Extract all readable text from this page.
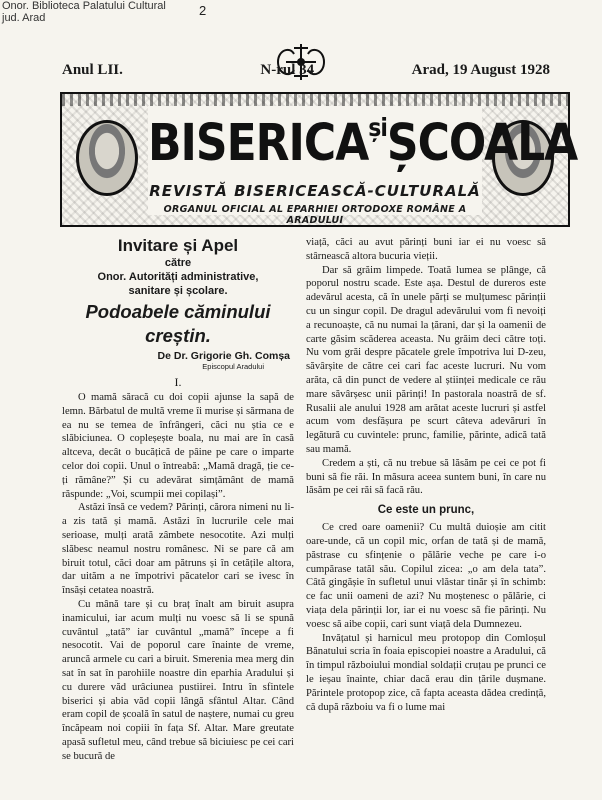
Onor. Biblioteca Palatului Cultural
jud. Arad	2
Anul LII.	N-rul 34	Arad, 19 August 1928
$BISERICA^{și}ȘCOALA$
REVISTĂ BISERICEASCĂ-CULTURALĂ
ORGANUL OFICIAL AL EPARHIEI ORTODOXE ROMÂNE A ARADULUI
Invitare și Apel
către
Onor. Autorități administrative,
sanitare și școlare.
Podoabele căminului creștin.
De Dr. Grigorie Gh. Comșa
Episcopul Aradului
I.

O mamă săracă cu doi copii ajunse la sapă de lemn. Bărbatul de multă vreme îi murise și sărmana de ea nu se temea de înfrângeri, căci nu știa ce e slăbiciunea. O copleșește boala, nu mai are în casă altceva, decât o bucățică de pâine pe care o imparte celor doi copii. Unul o întreabă: „Mamă dragă, ție ce-ți rămâne?” Și cu adevărat simțământ de mamă răspunde: „Voi, scumpii mei copilași”.

Astăzi însă ce vedem? Părinți, cărora nimeni nu li-a zis tată și mamă. Astăzi în lucrurile cele mai serioase, mulți arată zâmbete nesocotite. Azi mulți slăbesc neamul nostru românesc. Ni se pare că am biruit totul, căci doar am pătruns și în cetățile altora, dar uităm a ne împotrivi păcatelor cari se ivesc în însăși cetatea noastră.

Cu mână tare și cu braț înalt am biruit asupra inamicului, iar acum mulți nu voesc să li se spună cuvântul „tată” iar cuvântul „mamă” începe a fi nesocotit. Vai de poporul care înainte de vreme, aruncă armele cu cari a biruit. Smerenia mea merg din sat în sat în parohiile noastre din eparhia Aradului și cu durere văd urâciunea pustiirei. Intru în sfintele biserici și abia văd copii lângă sfântul Altar. Când eram copil de școală în satul de naștere, numai cu greu încăpeam noi copiii în fața Sf. Altar. Mare greutate apasă sufletul meu, când trebue să biciuiesc pe cei cari se bucură de

viață, căci au avut părinți buni iar ei nu voesc să stârnească altora bucuria vieții.

Dar să grăim limpede. Toată lumea se plânge, că poporul nostru scade. Este așa. Destul de dureros este adevărul acesta, că în unele părți se mulțumesc părinții cu un singur copil. De dragul adevărului vom fi nevoiți a recunoaște, că nu numai la țărani, dar și la oamenii de carte găsim scăderea aceasta. Nu grăim deci către toți. Nu vom grăi despre păcatele grele împotriva lui D-zeu, săvârșite de către cei cari fac aceste lucruri. Nu vom arăta, că din punct de vedere al științei medicale ce rău mare săvârșesc unii părinți! In pastorala noastră de sf. Rusalii ale anului 1928 am arătat aceste lucruri și astfel acum vom desfășura pe scurt câteva adevăruri în legătură cu cuvintele: prunc, familie, părinte, adică tată sau mamă.

Credem a ști, că nu trebue să lăsăm pe cei ce pot fi buni să fie răi. In măsura aceea suntem buni, în care nu lăsăm pe cei răi să facă rău.

Ce este un prunc,

Ce cred oare oamenii? Cu multă duioșie am citit oare-unde, că un copil mic, orfan de tată și de mamă, păstrase cu sfințenie o pălărie veche pe care i-o cumpărase tatăl său. Copilul zicea: „o am dela tata”. Câtă gingășie în sufletul unui vlăstar tinăr și în schimb: ce fac unii oameni de azi? Nu moștenesc o pălărie, ci viața dela părinții lor, iar ei nu voesc să fie părinți. Nu voesc să aibe copii, cari sunt viață dela Dumnezeu.

Invățatul și harnicul meu protopop din Comloșul Bănatului scria în foaia episcopiei noastre a Aradului, că în timpul războiului mondial soldații cruțau pe prunci ce le ieșau înainte, chiar dacă erau din țările dușmane. Părintele protopop zice, că fapta aceasta dădea credință, că după războiu va fi o lume mai
